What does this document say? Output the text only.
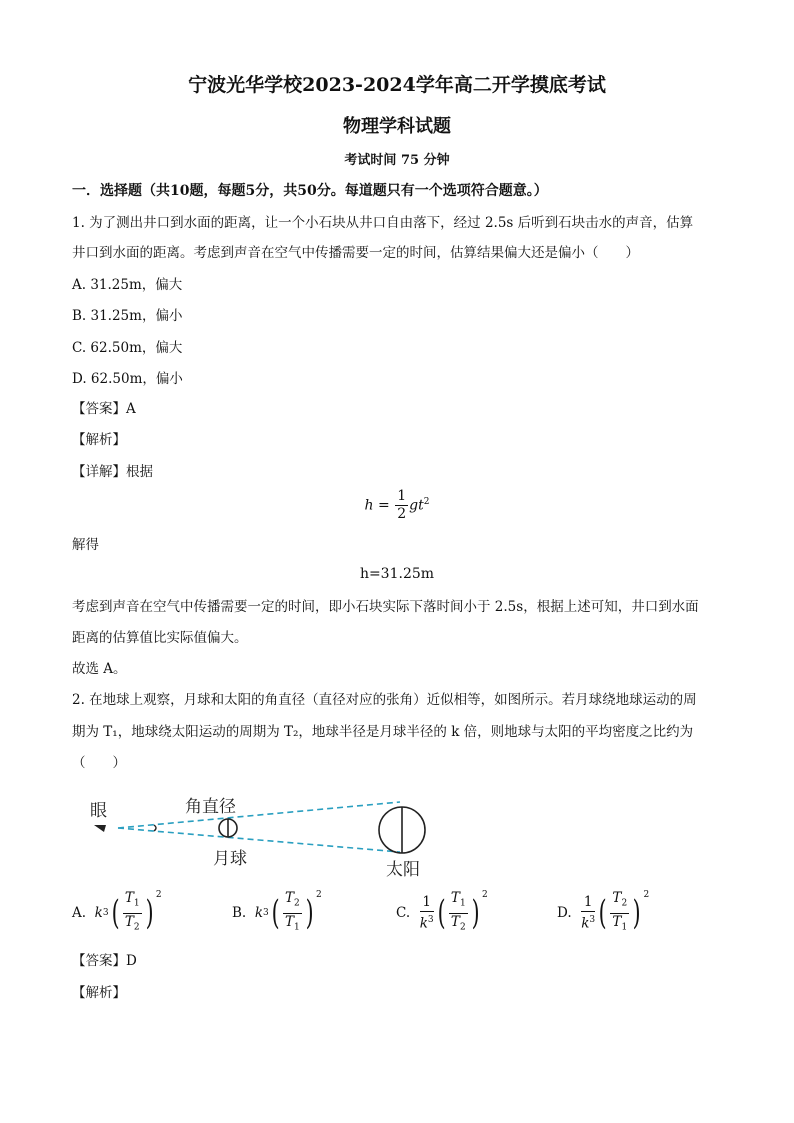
宁波光华学校2023-2024学年高二开学摸底考试
物理学科试题
考试时间 75 分钟
一．选择题（共10题，每题5分，共50分。每道题只有一个选项符合题意。）
1. 为了测出井口到水面的距离，让一个小石块从井口自由落下，经过 2.5s 后听到石块击水的声音，估算
井口到水面的距离。考虑到声音在空气中传播需要一定的时间，估算结果偏大还是偏小（　　）
A. 31.25m，偏大
B. 31.25m，偏小
C. 62.50m，偏大
D. 62.50m，偏小
【答案】A
【解析】
【详解】根据
$h = \frac{1}{2} gt^2$
解得
h=31.25m
考虑到声音在空气中传播需要一定的时间，即小石块实际下落时间小于 2.5s，根据上述可知，井口到水面
距离的估算值比实际值偏大。
故选 A。
2. 在地球上观察，月球和太阳的角直径（直径对应的张角）近似相等，如图所示。若月球绕地球运动的周
期为 T₁，地球绕太阳运动的周期为 T₂，地球半径是月球半径的 k 倍，则地球与太阳的平均密度之比约为
（　　）
眼	角直径
月球
太阳
A.
k 3 ( $\frac{T_1}{T_2}$ ) $^2$
B.
k 3 ( $\frac{T_2}{T_1}$ ) $^2$
C.
$\frac{1}{k^3}$ ( $\frac{T_1}{T_2}$ ) $^2$
D.
$\frac{1}{k^3}$ ( $\frac{T_2}{T_1}$ ) $^2$
【答案】D
【解析】
